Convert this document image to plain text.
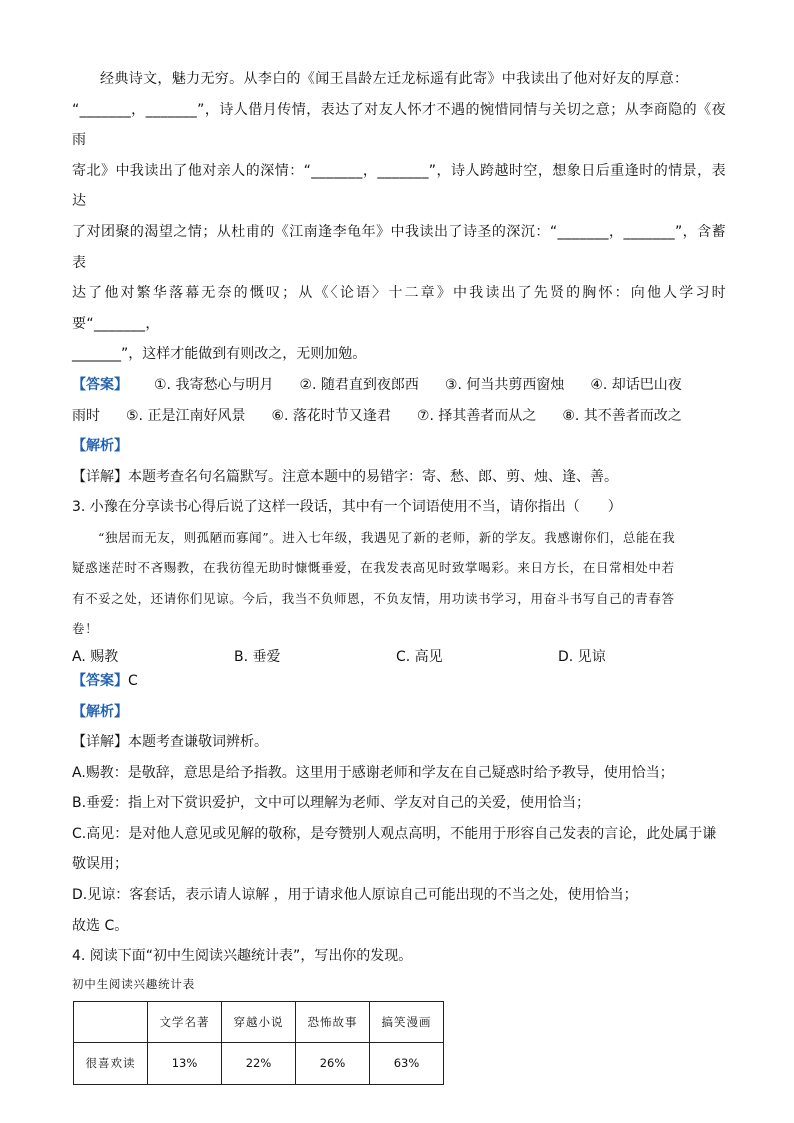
经典诗文，魅力无穷。从李白的《闻王昌龄左迁龙标遥有此寄》中我读出了他对好友的厚意：

“_______，_______”，诗人借月传情，表达了对友人怀才不遇的惋惜同情与关切之意；从李商隐的《夜雨

寄北》中我读出了他对亲人的深情：“_______，_______”，诗人跨越时空，想象日后重逢时的情景，表达

了对团聚的渴望之情；从杜甫的《江南逢李龟年》中我读出了诗圣的深沉：“_______，_______”，含蓄表

达了他对繁华落幕无奈的慨叹；从《〈论语〉十二章》中我读出了先贤的胸怀：向他人学习时要“_______，

_______”，这样才能做到有则改之，无则加勉。

【答案】 ①. 我寄愁心与明月 ②. 随君直到夜郎西 ③. 何当共剪西窗烛 ④. 却话巴山夜

雨时 ⑤. 正是江南好风景 ⑥. 落花时节又逢君 ⑦. 择其善者而从之 ⑧. 其不善者而改之

【解析】

【详解】本题考查名句名篇默写。注意本题中的易错字：寄、愁、郎、剪、烛、逢、善。

3. 小豫在分享读书心得后说了这样一段话，其中有一个词语使用不当，请你指出（　　）

“独居而无友，则孤陋而寡闻”。进入七年级，我遇见了新的老师，新的学友。我感谢你们，总能在我

疑惑迷茫时不吝赐教，在我彷徨无助时慷慨垂爱，在我发表高见时致掌喝彩。来日方长，在日常相处中若

有不妥之处，还请你们见谅。今后，我当不负师恩，不负友情，用功读书学习，用奋斗书写自己的青春答

卷！

A. 赐教	B. 垂爱	C. 高见	D. 见谅

【答案】C

【解析】

【详解】本题考查谦敬词辨析。

A.赐教：是敬辞，意思是给予指教。这里用于感谢老师和学友在自己疑惑时给予教导，使用恰当；

B.垂爱：指上对下赏识爱护，文中可以理解为老师、学友对自己的关爱，使用恰当；

C.高见：是对他人意见或见解的敬称，是夸赞别人观点高明，不能用于形容自己发表的言论，此处属于谦

敬误用；

D.见谅：客套话，表示请人谅解 ，用于请求他人原谅自己可能出现的不当之处，使用恰当；

故选 C。

4. 阅读下面“初中生阅读兴趣统计表”，写出你的发现。

初中生阅读兴趣统计表
	文学名著	穿越小说	恐怖故事	搞笑漫画
很喜欢读	13%	22%	26%	63%
